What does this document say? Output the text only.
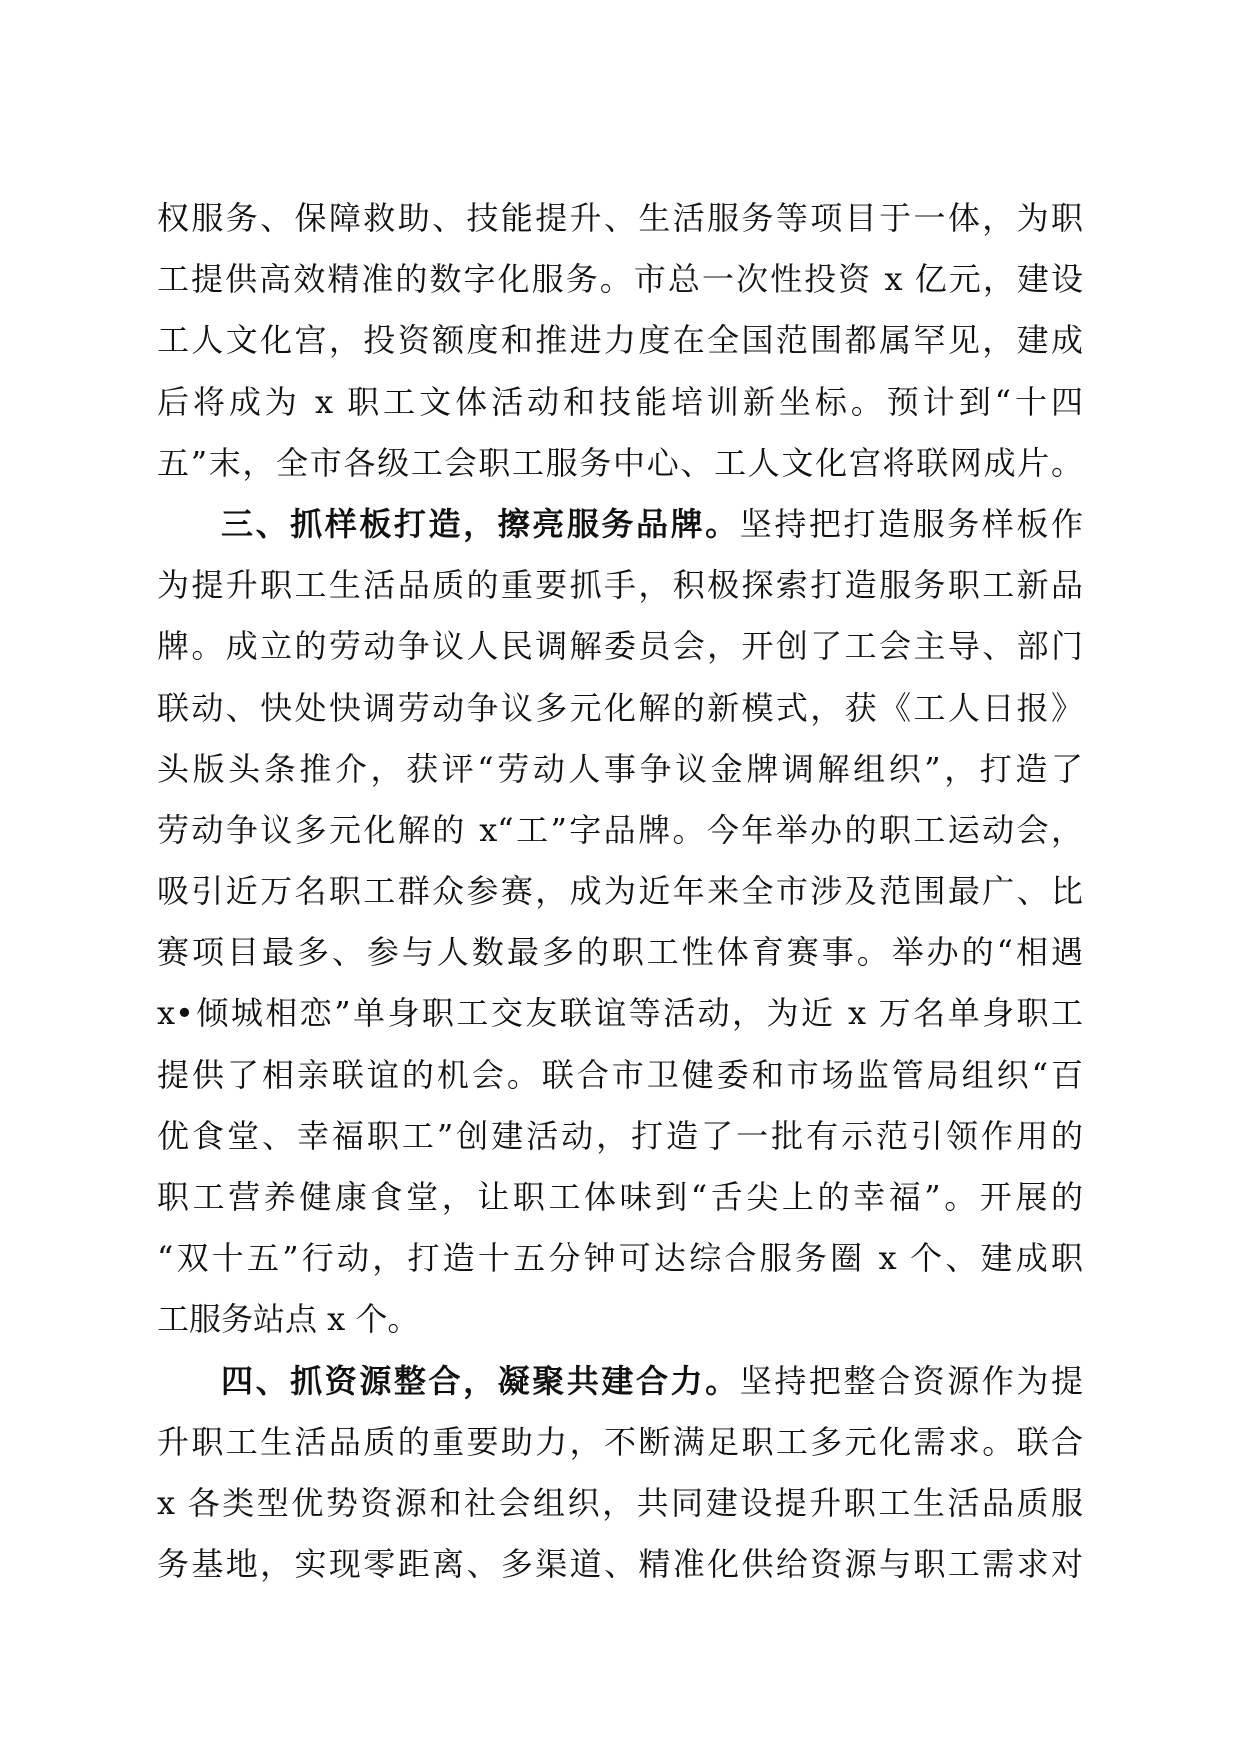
权服务、保障救助、技能提升、生活服务等项目于一体，为职
工提供高效精准的数字化服务。市总一次性投资 x 亿元，建设
工人文化宫，投资额度和推进力度在全国范围都属罕见，建成
后将成为 x 职工文体活动和技能培训新坐标。预计到“十四
五”末，全市各级工会职工服务中心、工人文化宫将联网成片。
三、抓样板打造，擦亮服务品牌。坚持把打造服务样板作
为提升职工生活品质的重要抓手，积极探索打造服务职工新品
牌。成立的劳动争议人民调解委员会，开创了工会主导、部门
联动、快处快调劳动争议多元化解的新模式，获《工人日报》
头版头条推介，获评“劳动人事争议金牌调解组织”，打造了
劳动争议多元化解的 x“工”字品牌。今年举办的职工运动会，
吸引近万名职工群众参赛，成为近年来全市涉及范围最广、比
赛项目最多、参与人数最多的职工性体育赛事。举办的“相遇
x•倾城相恋”单身职工交友联谊等活动，为近 x 万名单身职工
提供了相亲联谊的机会。联合市卫健委和市场监管局组织“百
优食堂、幸福职工”创建活动，打造了一批有示范引领作用的
职工营养健康食堂，让职工体味到“舌尖上的幸福”。开展的
“双十五”行动，打造十五分钟可达综合服务圈 x 个、建成职
工服务站点 x 个。
四、抓资源整合，凝聚共建合力。坚持把整合资源作为提
升职工生活品质的重要助力，不断满足职工多元化需求。联合
x 各类型优势资源和社会组织，共同建设提升职工生活品质服
务基地，实现零距离、多渠道、精准化供给资源与职工需求对
